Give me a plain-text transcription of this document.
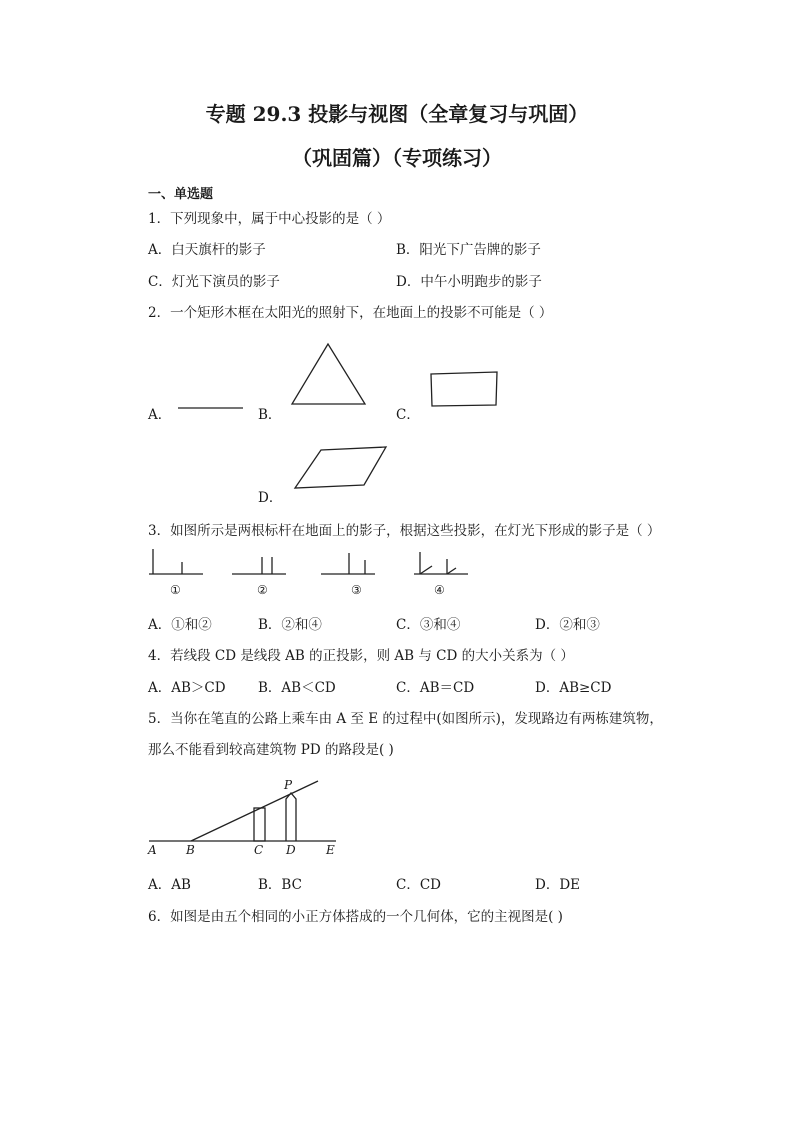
专题 29.3 投影与视图（全章复习与巩固）
（巩固篇）（专项练习）
一、单选题
1．下列现象中，属于中心投影的是（ ）
A．白天旗杆的影子	B．阳光下广告牌的影子
C．灯光下演员的影子	D．中午小明跑步的影子
2．一个矩形木框在太阳光的照射下，在地面上的投影不可能是（ ）
A．	B．	C．
D．
3．如图所示是两根标杆在地面上的影子，根据这些投影，在灯光下形成的影子是（ ）
①	②	③	④
A．①和②	B．②和④	C．③和④	D．②和③
4．若线段 CD 是线段 AB 的正投影，则 AB 与 CD 的大小关系为（ ）
A．AB＞CD B．AB＜CD	C．AB＝CD	D．AB≥CD
5．当你在笔直的公路上乘车由 A 至 E 的过程中(如图所示)，发现路边有两栋建筑物，
那么不能看到较高建筑物 PD 的路段是( )
A B	C D	E
P
A．AB	B．BC	C．CD	D．DE
6．如图是由五个相同的小正方体搭成的一个几何体，它的主视图是( )
